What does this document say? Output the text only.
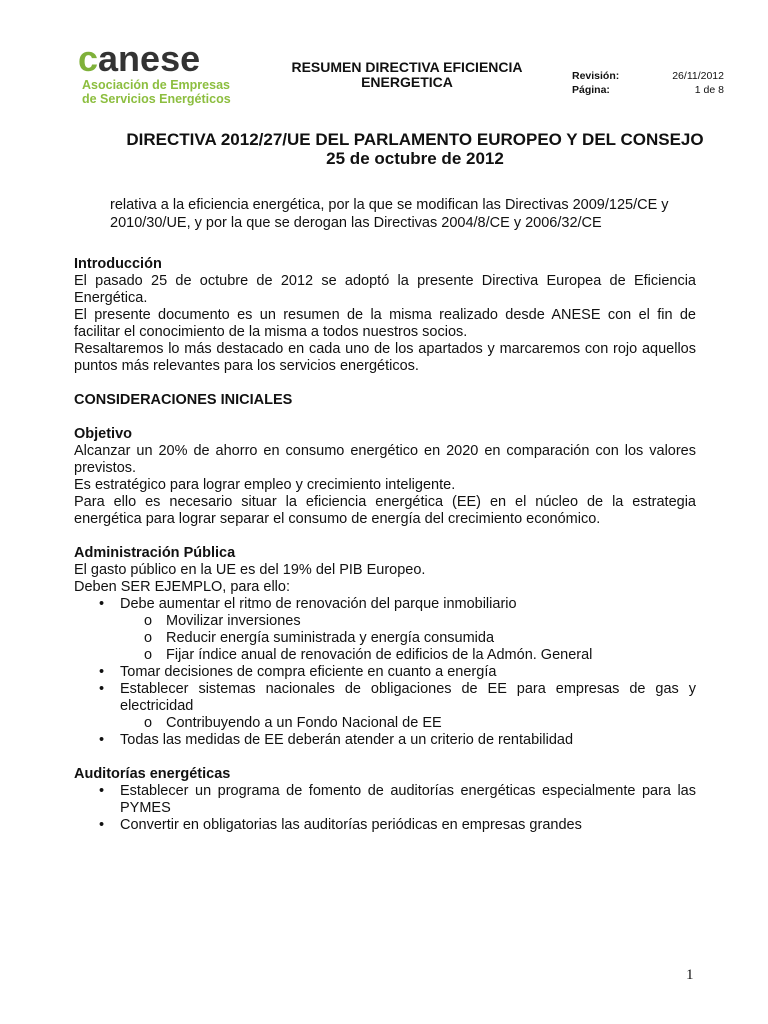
canese
Asociación de Empresas
de Servicios Energéticos
RESUMEN DIRECTIVA EFICIENCIA ENERGETICA	Revisión:	26/11/2012
Página:	1 de 8
DIRECTIVA 2012/27/UE DEL PARLAMENTO EUROPEO Y DEL CONSEJO
25 de octubre de 2012
relativa a la eficiencia energética, por la que se modifican las Directivas 2009/125/CE y 2010/30/UE, y por la que se derogan las Directivas 2004/8/CE y 2006/32/CE

Introducción

El pasado 25 de octubre de 2012 se adoptó la presente Directiva Europea de Eficiencia Energética.

El presente documento es un resumen de la misma realizado desde ANESE con el fin de facilitar el conocimiento de la misma a todos nuestros socios.

Resaltaremos lo más destacado en cada uno de los apartados y marcaremos con rojo aquellos puntos más relevantes para los servicios energéticos.

CONSIDERACIONES INICIALES

Objetivo

Alcanzar un 20% de ahorro en consumo energético en 2020 en comparación con los valores previstos.

Es estratégico para lograr empleo y crecimiento inteligente.

Para ello es necesario situar la eficiencia energética (EE) en el núcleo de la estrategia energética para lograr separar el consumo de energía del crecimiento económico.

Administración Pública

El gasto público en la UE es del 19% del PIB Europeo.

Deben SER EJEMPLO, para ello:

• Debe aumentar el ritmo de renovación del parque inmobiliario
o Movilizar inversiones
o Reducir energía suministrada y energía consumida
o Fijar índice anual de renovación de edificios de la Admón. General
• Tomar decisiones de compra eficiente en cuanto a energía
• Establecer sistemas nacionales de obligaciones de EE para empresas de gas y electricidad
o Contribuyendo a un Fondo Nacional de EE
• Todas las medidas de EE deberán atender a un criterio de rentabilidad

Auditorías energéticas

• Establecer un programa de fomento de auditorías energéticas especialmente para las PYMES
• Convertir en obligatorias las auditorías periódicas en empresas grandes
1
